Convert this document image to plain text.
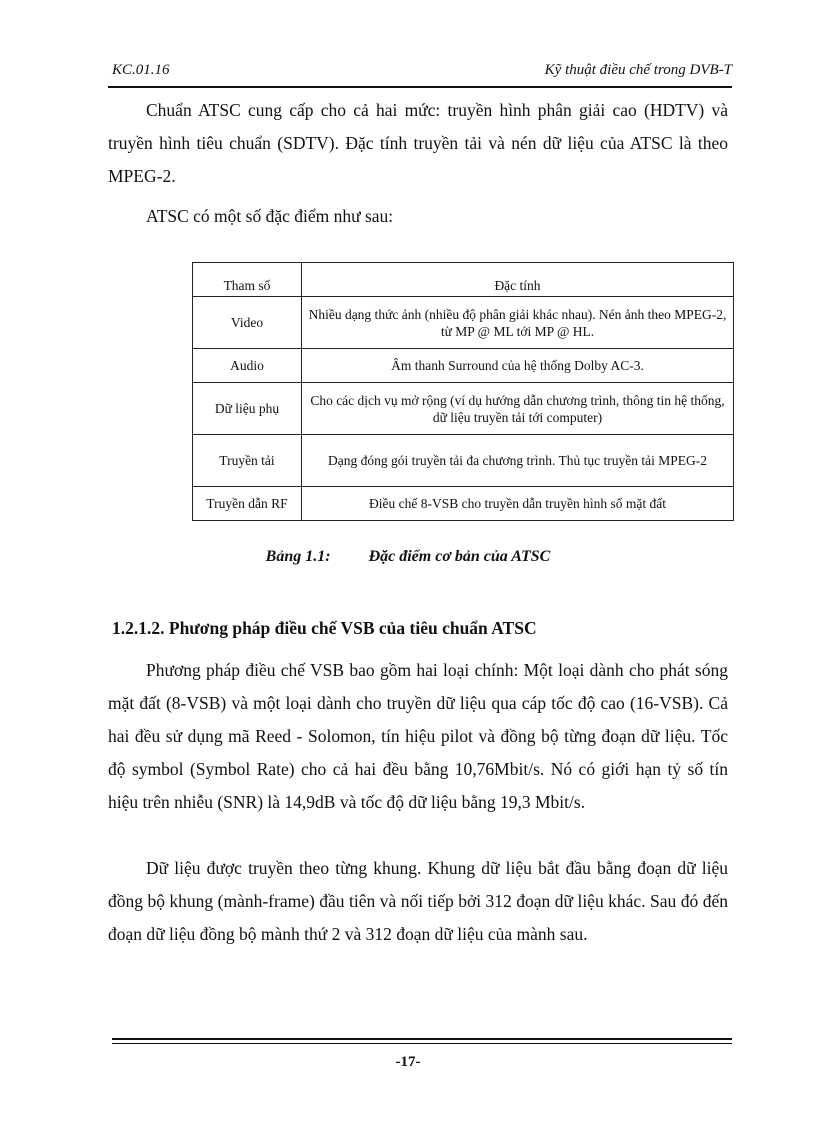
KC.01.16	Kỹ thuật điều chế trong DVB-T

Chuẩn ATSC cung cấp cho cả hai mức: truyền hình phân giải cao (HDTV) và truyền hình tiêu chuẩn (SDTV). Đặc tính truyền tải và nén dữ liệu của ATSC là theo MPEG-2.

ATSC có một số đặc điểm như sau:

Tham số	Đặc tính
Video	Nhiều dạng thức ảnh (nhiều độ phân giải khác nhau). Nén ảnh theo MPEG-2, từ MP @ ML tới MP @ HL.
Audio	Âm thanh Surround của hệ thống Dolby AC-3.
Dữ liệu phụ	Cho các dịch vụ mở rộng (ví dụ hướng dẫn chương trình, thông tin hệ thống, dữ liệu truyền tải tới computer)
Truyền tải	Dạng đóng gói truyền tải đa chương trình. Thủ tục truyền tải MPEG-2
Truyền dẫn RF	Điều chế 8-VSB cho truyền dẫn truyền hình số mặt đất
Bảng 1.1: Đặc điểm cơ bản của ATSC
1.2.1.2. Phương pháp điều chế VSB của tiêu chuẩn ATSC

Phương pháp điều chế VSB bao gồm hai loại chính: Một loại dành cho phát sóng mặt đất (8-VSB) và một loại dành cho truyền dữ liệu qua cáp tốc độ cao (16-VSB). Cả hai đều sử dụng mã Reed - Solomon, tín hiệu pilot và đồng bộ từng đoạn dữ liệu. Tốc độ symbol (Symbol Rate) cho cả hai đều bằng 10,76Mbit/s. Nó có giới hạn tỷ số tín hiệu trên nhiễu (SNR) là 14,9dB và tốc độ dữ liệu bằng 19,3 Mbit/s.

Dữ liệu được truyền theo từng khung. Khung dữ liệu bắt đầu bằng đoạn dữ liệu đồng bộ khung (mành-frame) đầu tiên và nối tiếp bởi 312 đoạn dữ liệu khác. Sau đó đến đoạn dữ liệu đồng bộ mành thứ 2 và 312 đoạn dữ liệu của mành sau.

-17-
